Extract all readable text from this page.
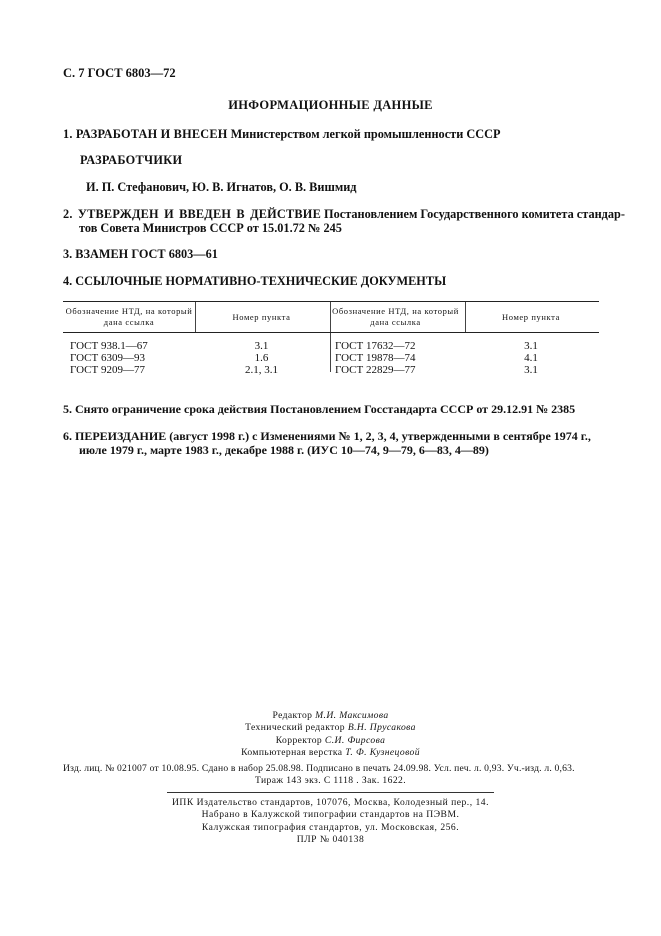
С. 7 ГОСТ 6803—72
ИНФОРМАЦИОННЫЕ ДАННЫЕ
1. РАЗРАБОТАН И ВНЕСЕН Министерством легкой промышленности СССР
РАЗРАБОТЧИКИ
И. П. Стефанович, Ю. В. Игнатов, О. В. Вишмид
2. УТВЕРЖДЕН И ВВЕДЕН В ДЕЙСТВИЕ Постановлением Государственного комитета стандар-
тов Совета Министров СССР от 15.01.72 № 245
3. ВЗАМЕН ГОСТ 6803—61
4. ССЫЛОЧНЫЕ НОРМАТИВНО-ТЕХНИЧЕСКИЕ ДОКУМЕНТЫ
Обозначение НТД, на который дана ссылка	Номер пункта	Обозначение НТД, на который дана ссылка	Номер пункта
ГОСТ 938.1—67	3.1	ГОСТ 17632—72	3.1
ГОСТ 6309—93	1.6	ГОСТ 19878—74	4.1
ГОСТ 9209—77	2.1, 3.1	ГОСТ 22829—77	3.1
5. Снято ограничение срока действия Постановлением Госстандарта СССР от 29.12.91 № 2385
6. ПЕРЕИЗДАНИЕ (август 1998 г.) с Изменениями № 1, 2, 3, 4, утвержденными в сентябре 1974 г.,
июле 1979 г., марте 1983 г., декабре 1988 г. (ИУС 10—74, 9—79, 6—83, 4—89)
Редактор М.И. Максимова
Технический редактор В.Н. Прусакова
Корректор С.И. Фирсова
Компьютерная верстка Т. Ф. Кузнецовой
Изд. лиц. № 021007 от 10.08.95. Сдано в набор 25.08.98. Подписано в печать 24.09.98. Усл. печ. л. 0,93. Уч.-изд. л. 0,63.
Тираж 143 экз. С 1118 . Зак. 1622.
ИПК Издательство стандартов, 107076, Москва, Колодезный пер., 14.
Набрано в Калужской типографии стандартов на ПЭВМ.
Калужская типография стандартов, ул. Московская, 256.
ПЛР № 040138
